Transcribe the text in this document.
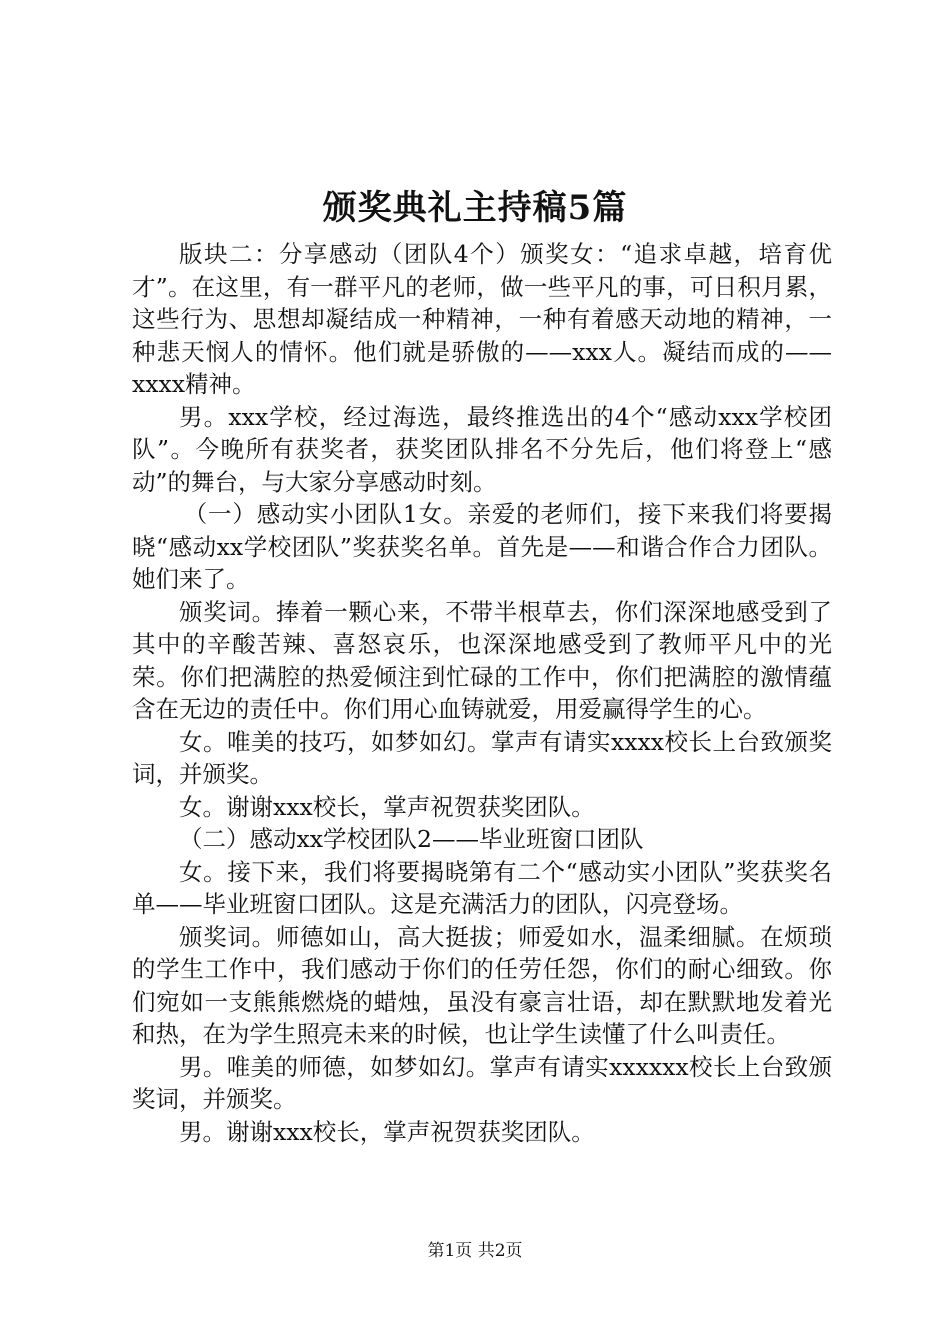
颁奖典礼主持稿5篇

版块二：分享感动（团队4个）颁奖女：“追求卓越，培育优才”。在这里，有一群平凡的老师，做一些平凡的事，可日积月累，这些行为、思想却凝结成一种精神，一种有着感天动地的精神，一种悲天悯人的情怀。他们就是骄傲的——xxx人。凝结而成的——xxxx精神。

男。xxx学校，经过海选，最终推选出的4个“感动xxx学校团队”。今晚所有获奖者，获奖团队排名不分先后，他们将登上“感动”的舞台，与大家分享感动时刻。

（一）感动实小团队1女。亲爱的老师们，接下来我们将要揭晓“感动xx学校团队”奖获奖名单。首先是——和谐合作合力团队。她们来了。

颁奖词。捧着一颗心来，不带半根草去，你们深深地感受到了其中的辛酸苦辣、喜怒哀乐，也深深地感受到了教师平凡中的光荣。你们把满腔的热爱倾注到忙碌的工作中，你们把满腔的激情蕴含在无边的责任中。你们用心血铸就爱，用爱赢得学生的心。

女。唯美的技巧，如梦如幻。掌声有请实xxxx校长上台致颁奖词，并颁奖。

女。谢谢xxx校长，掌声祝贺获奖团队。

（二）感动xx学校团队2——毕业班窗口团队

女。接下来，我们将要揭晓第有二个“感动实小团队”奖获奖名单——毕业班窗口团队。这是充满活力的团队，闪亮登场。

颁奖词。师德如山，高大挺拔；师爱如水，温柔细腻。在烦琐的学生工作中，我们感动于你们的任劳任怨，你们的耐心细致。你们宛如一支熊熊燃烧的蜡烛，虽没有豪言壮语，却在默默地发着光和热，在为学生照亮未来的时候，也让学生读懂了什么叫责任。

男。唯美的师德，如梦如幻。掌声有请实xxxxxx校长上台致颁奖词，并颁奖。

男。谢谢xxx校长，掌声祝贺获奖团队。

第1页 共2页
